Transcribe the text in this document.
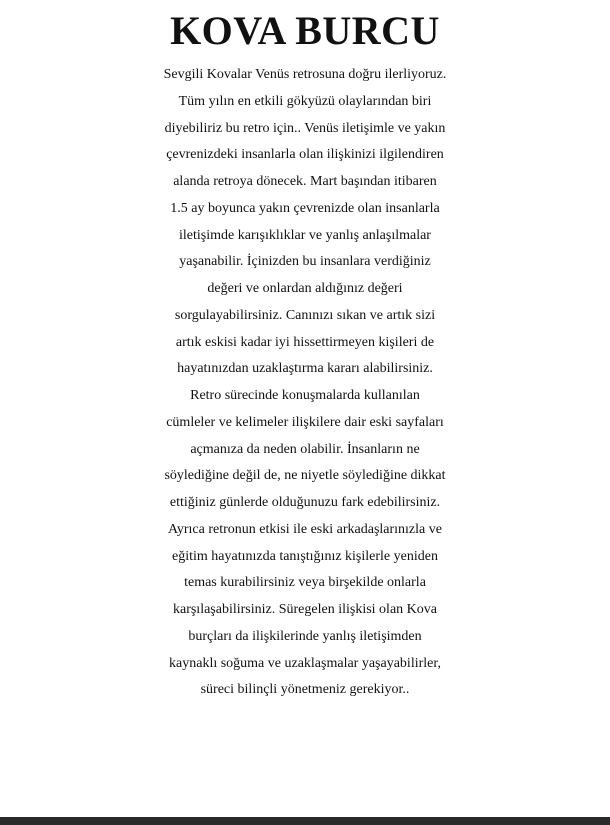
KOVA BURCU
Sevgili Kovalar Venüs retrosuna doğru ilerliyoruz.
Tüm yılın en etkili gökyüzü olaylarından biri
diyebiliriz bu retro için.. Venüs iletişimle ve yakın
çevrenizdeki insanlarla olan ilişkinizi ilgilendiren
alanda retroya dönecek. Mart başından itibaren
1.5 ay boyunca yakın çevrenizde olan insanlarla
iletişimde karışıklıklar ve yanlış anlaşılmalar
yaşanabilir. İçinizden bu insanlara verdiğiniz
değeri ve onlardan aldığınız değeri
sorgulayabilirsiniz. Canınızı sıkan ve artık sizi
artık eskisi kadar iyi hissettirmeyen kişileri de
hayatınızdan uzaklaştırma kararı alabilirsiniz.
Retro sürecinde konuşmalarda kullanılan
cümleler ve kelimeler ilişkilere dair eski sayfaları
açmanıza da neden olabilir. İnsanların ne
söylediğine değil de, ne niyetle söylediğine dikkat
ettiğiniz günlerde olduğunuzu fark edebilirsiniz.
Ayrıca retronun etkisi ile eski arkadaşlarınızla ve
eğitim hayatınızda tanıştığınız kişilerle yeniden
temas kurabilirsiniz veya birşekilde onlarla
karşılaşabilirsiniz. Süregelen ilişkisi olan Kova
burçları da ilişkilerinde yanlış iletişimden
kaynaklı soğuma ve uzaklaşmalar yaşayabilirler,
süreci bilinçli yönetmeniz gerekiyor..
